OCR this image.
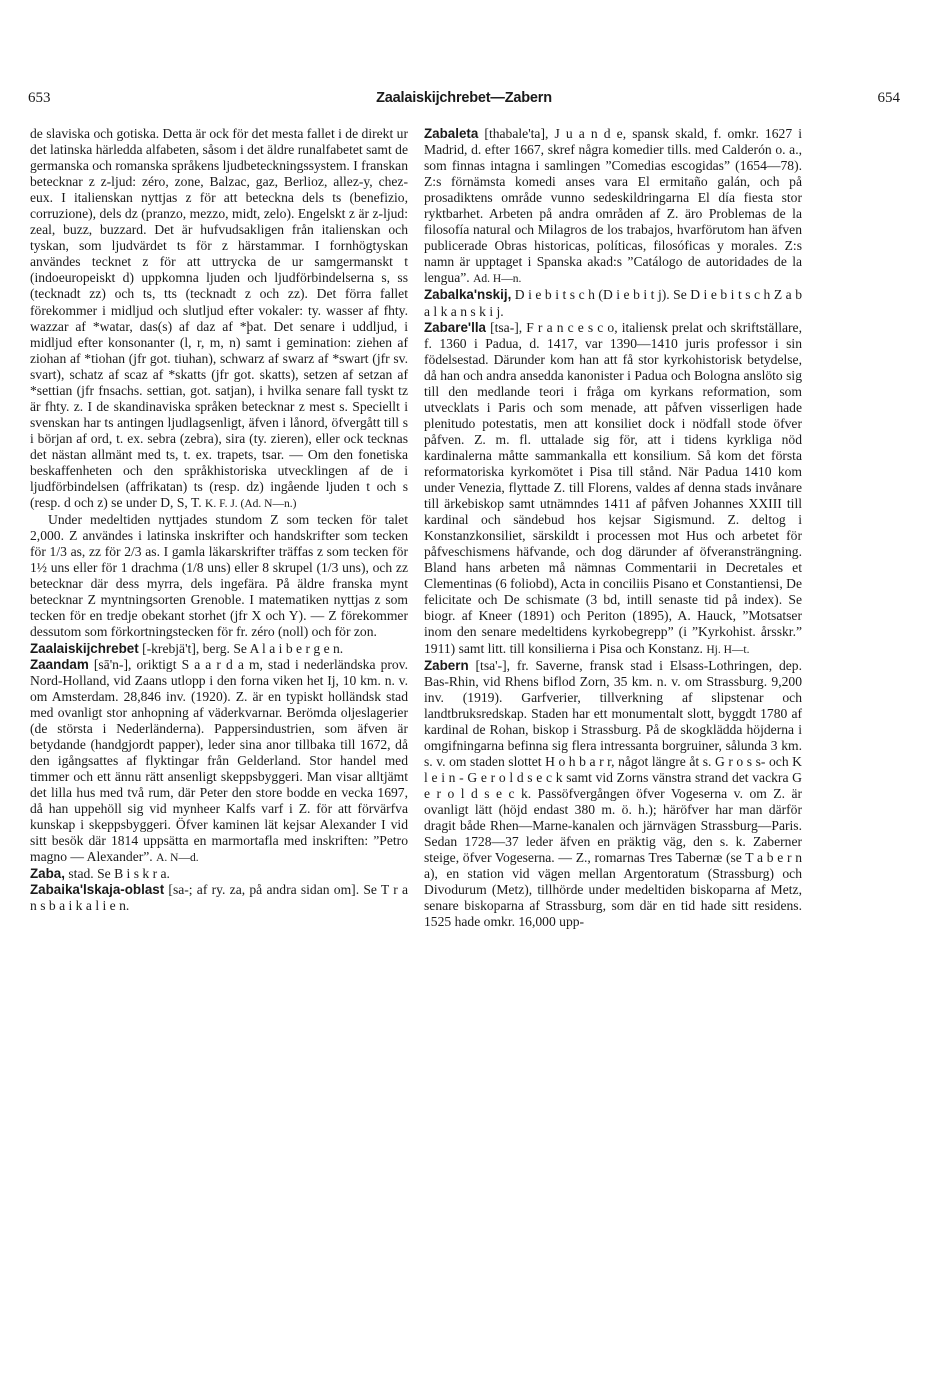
653	Zaalaiskijchrebet—Zabern	654

de slaviska och gotiska. Detta är ock för det mesta fallet i de direkt ur det latinska härledda alfabeten, såsom i det äldre runalfabetet samt de germanska och romanska språkens ljudbeteckningssystem. I franskan betecknar z z-ljud: zéro, zone, Balzac, gaz, Berlioz, allez-y, chez-eux. I italienskan nyttjas z för att beteckna dels ts (benefizio, corruzione), dels dz (pranzo, mezzo, midt, zelo). Engelskt z är z-ljud: zeal, buzz, buzzard. Det är hufvudsakligen från italienskan och tyskan, som ljudvärdet ts för z härstammar. I fornhögtyskan användes tecknet z för att uttrycka de ur samgermanskt t (indoeuropeiskt d) uppkomna ljuden och ljudförbindelserna s, ss (tecknadt zz) och ts, tts (tecknadt z och zz). Det förra fallet förekommer i midljud och slutljud efter vokaler: ty. wasser af fhty. wazzar af *watar, das(s) af daz af *þat. Det senare i uddljud, i midljud efter konsonanter (l, r, m, n) samt i gemination: ziehen af ziohan af *tiohan (jfr got. tiuhan), schwarz af swarz af *swart (jfr sv. svart), schatz af scaz af *skatts (jfr got. skatts), setzen af setzan af *settian (jfr fnsachs. settian, got. satjan), i hvilka senare fall tyskt tz är fhty. z. I de skandinaviska språken betecknar z mest s. Speciellt i svenskan har ts antingen ljudlagsenligt, äfven i lånord, öfvergått till s i början af ord, t. ex. sebra (zebra), sira (ty. zieren), eller ock tecknas det nästan allmänt med ts, t. ex. trapets, tsar. — Om den fonetiska beskaffenheten och den språkhistoriska utvecklingen af de i ljudförbindelsen (affrikatan) ts (resp. dz) ingående ljuden t och s (resp. d och z) se under D, S, T. K. F. J. (Ad. N—n.)

Under medeltiden nyttjades stundom Z som tecken för talet 2,000. Z användes i latinska inskrifter och handskrifter som tecken för 1/3 as, zz för 2/3 as. I gamla läkarskrifter träffas z som tecken för 1½ uns eller för 1 drachma (1/8 uns) eller 8 skrupel (1/3 uns), och zz betecknar där dess myrra, dels ingefära. På äldre franska mynt betecknar Z myntningsorten Grenoble. I matematiken nyttjas z som tecken för en tredje obekant storhet (jfr X och Y). — Z förekommer dessutom som förkortningstecken för fr. zéro (noll) och för zon.

Zaalaiskijchrebet [-krebjä't], berg. Se A l a i b e r g e n.

Zaandam [sā'n-], oriktigt S a a r d a m, stad i nederländska prov. Nord-Holland, vid Zaans utlopp i den forna viken het Ij, 10 km. n. v. om Amsterdam. 28,846 inv. (1920). Z. är en typiskt holländsk stad med ovanligt stor anhopning af väderkvarnar. Berömda oljeslagerier (de största i Nederländerna). Pappersindustrien, som äfven är betydande (handgjordt papper), leder sina anor tillbaka till 1672, då den igångsattes af flyktingar från Gelderland. Stor handel med timmer och ett ännu rätt ansenligt skeppsbyggeri. Man visar alltjämt det lilla hus med två rum, där Peter den store bodde en vecka 1697, då han uppehöll sig vid mynheer Kalfs varf i Z. för att förvärfva kunskap i skeppsbyggeri. Öfver kaminen lät kejsar Alexander I vid sitt besök där 1814 uppsätta en marmortafla med inskriften: ”Petro magno — Alexander”. A. N—d.

Zaba, stad. Se B i s k r a.

Zabaika'lskaja-oblast [sa-; af ry. za, på andra sidan om]. Se T r a n s b a i k a l i e n.

Zabaleta [thabale'ta], J u a n d e, spansk skald, f. omkr. 1627 i Madrid, d. efter 1667, skref några komedier tills. med Calderón o. a., som finnas intagna i samlingen ”Comedias escogidas” (1654—78). Z:s förnämsta komedi anses vara El ermitaño galán, och på prosadiktens område vunno sedeskildringarna El día fiesta stor ryktbarhet. Arbeten på andra områden af Z. äro Problemas de la filosofía natural och Milagros de los trabajos, hvarförutom han äfven publicerade Obras historicas, políticas, filosóficas y morales. Z:s namn är upptaget i Spanska akad:s ”Catálogo de autoridades de la lengua”. Ad. H—n.

Zabalka'nskij, D i e b i t s c h (D i e b i t j). Se D i e b i t s c h Z a b a l k a n s k i j.

Zabare'lla [tsa-], F r a n c e s c o, italiensk prelat och skriftställare, f. 1360 i Padua, d. 1417, var 1390—1410 juris professor i sin födelsestad. Därunder kom han att få stor kyrkohistorisk betydelse, då han och andra ansedda kanonister i Padua och Bologna anslöto sig till den medlande teori i fråga om kyrkans reformation, som utvecklats i Paris och som menade, att påfven visserligen hade plenitudo potestatis, men att konsiliet dock i nödfall stode öfver påfven. Z. m. fl. uttalade sig för, att i tidens kyrkliga nöd kardinalerna måtte sammankalla ett konsilium. Så kom det första reformatoriska kyrkomötet i Pisa till stånd. När Padua 1410 kom under Venezia, flyttade Z. till Florens, valdes af denna stads invånare till ärkebiskop samt utnämndes 1411 af påfven Johannes XXIII till kardinal och sändebud hos kejsar Sigismund. Z. deltog i Konstanzkonsiliet, särskildt i processen mot Hus och arbetet för påfveschismens häfvande, och dog därunder af öfveransträngning. Bland hans arbeten må nämnas Commentarii in Decretales et Clementinas (6 foliobd), Acta in conciliis Pisano et Constantiensi, De felicitate och De schismate (3 bd, intill senaste tid på index). Se biogr. af Kneer (1891) och Periton (1895), A. Hauck, ”Motsatser inom den senare medeltidens kyrkobegrepp” (i ”Kyrkohist. årsskr.” 1911) samt litt. till konsilierna i Pisa och Konstanz. Hj. H—t.

Zabern [tsa'-], fr. Saverne, fransk stad i Elsass-Lothringen, dep. Bas-Rhin, vid Rhens biflod Zorn, 35 km. n. v. om Strassburg. 9,200 inv. (1919). Garfverier, tillverkning af slipstenar och landtbruksredskap. Staden har ett monumentalt slott, byggdt 1780 af kardinal de Rohan, biskop i Strassburg. På de skogklädda höjderna i omgifningarna befinna sig flera intressanta borgruiner, sålunda 3 km. s. v. om staden slottet H o h b a r r, något längre åt s. G r o s s- och K l e i n - G e r o l d s e c k samt vid Zorns vänstra strand det vackra G e r o l d s e c k. Passöfvergången öfver Vogeserna v. om Z. är ovanligt lätt (höjd endast 380 m. ö. h.); häröfver har man därför dragit både Rhen—Marne-kanalen och järnvägen Strassburg—Paris. Sedan 1728—37 leder äfven en präktig väg, den s. k. Zaberner steige, öfver Vogeserna. — Z., romarnas Tres Tabernæ (se T a b e r n a), en station vid vägen mellan Argentoratum (Strassburg) och Divodurum (Metz), tillhörde under medeltiden biskoparna af Metz, senare biskoparna af Strassburg, som där en tid hade sitt residens. 1525 hade omkr. 16,000 upp-
